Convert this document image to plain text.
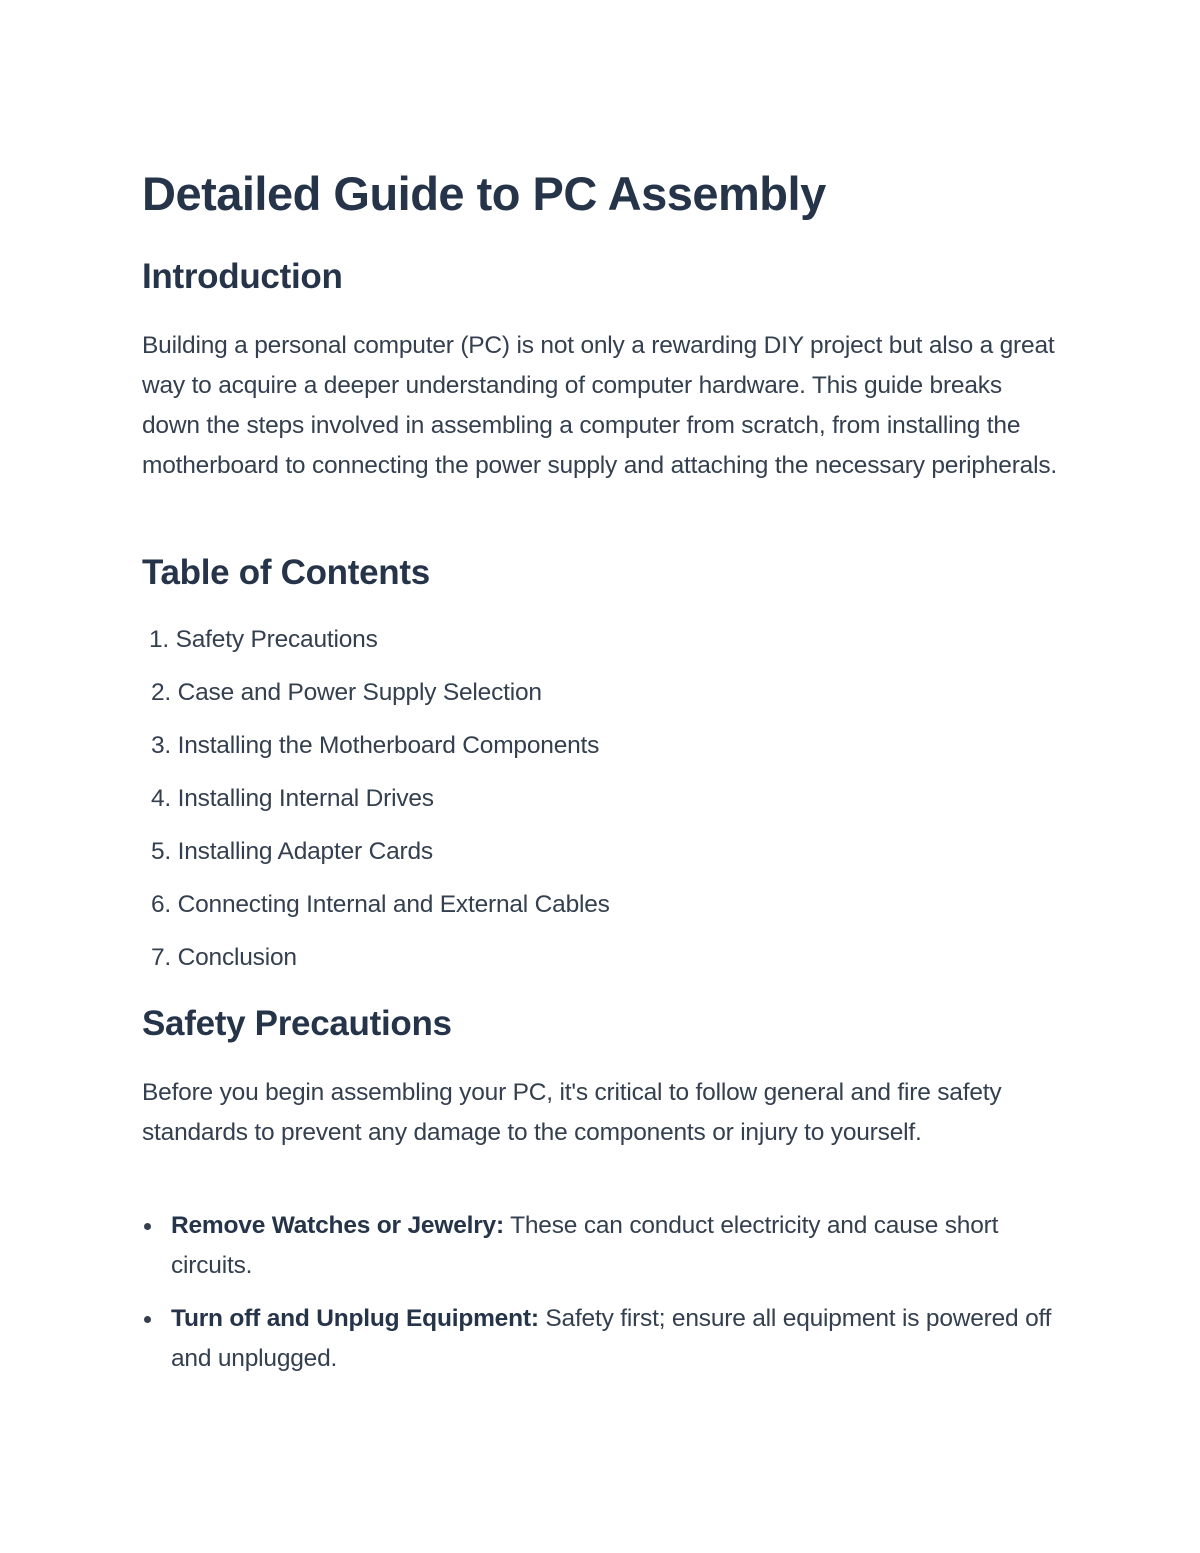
Detailed Guide to PC Assembly
Introduction

Building a personal computer (PC) is not only a rewarding DIY project but also a great way to acquire a deeper understanding of computer hardware. This guide breaks down the steps involved in assembling a computer from scratch, from installing the motherboard to connecting the power supply and attaching the necessary peripherals.

Table of Contents
1. Safety Precautions
2. Case and Power Supply Selection
3. Installing the Motherboard Components
4. Installing Internal Drives
5. Installing Adapter Cards
6. Connecting Internal and External Cables
7. Conclusion
Safety Precautions

Before you begin assembling your PC, it's critical to follow general and fire safety standards to prevent any damage to the components or injury to yourself.

Remove Watches or Jewelry: These can conduct electricity and cause short circuits.
Turn off and Unplug Equipment: Safety first; ensure all equipment is powered off and unplugged.
